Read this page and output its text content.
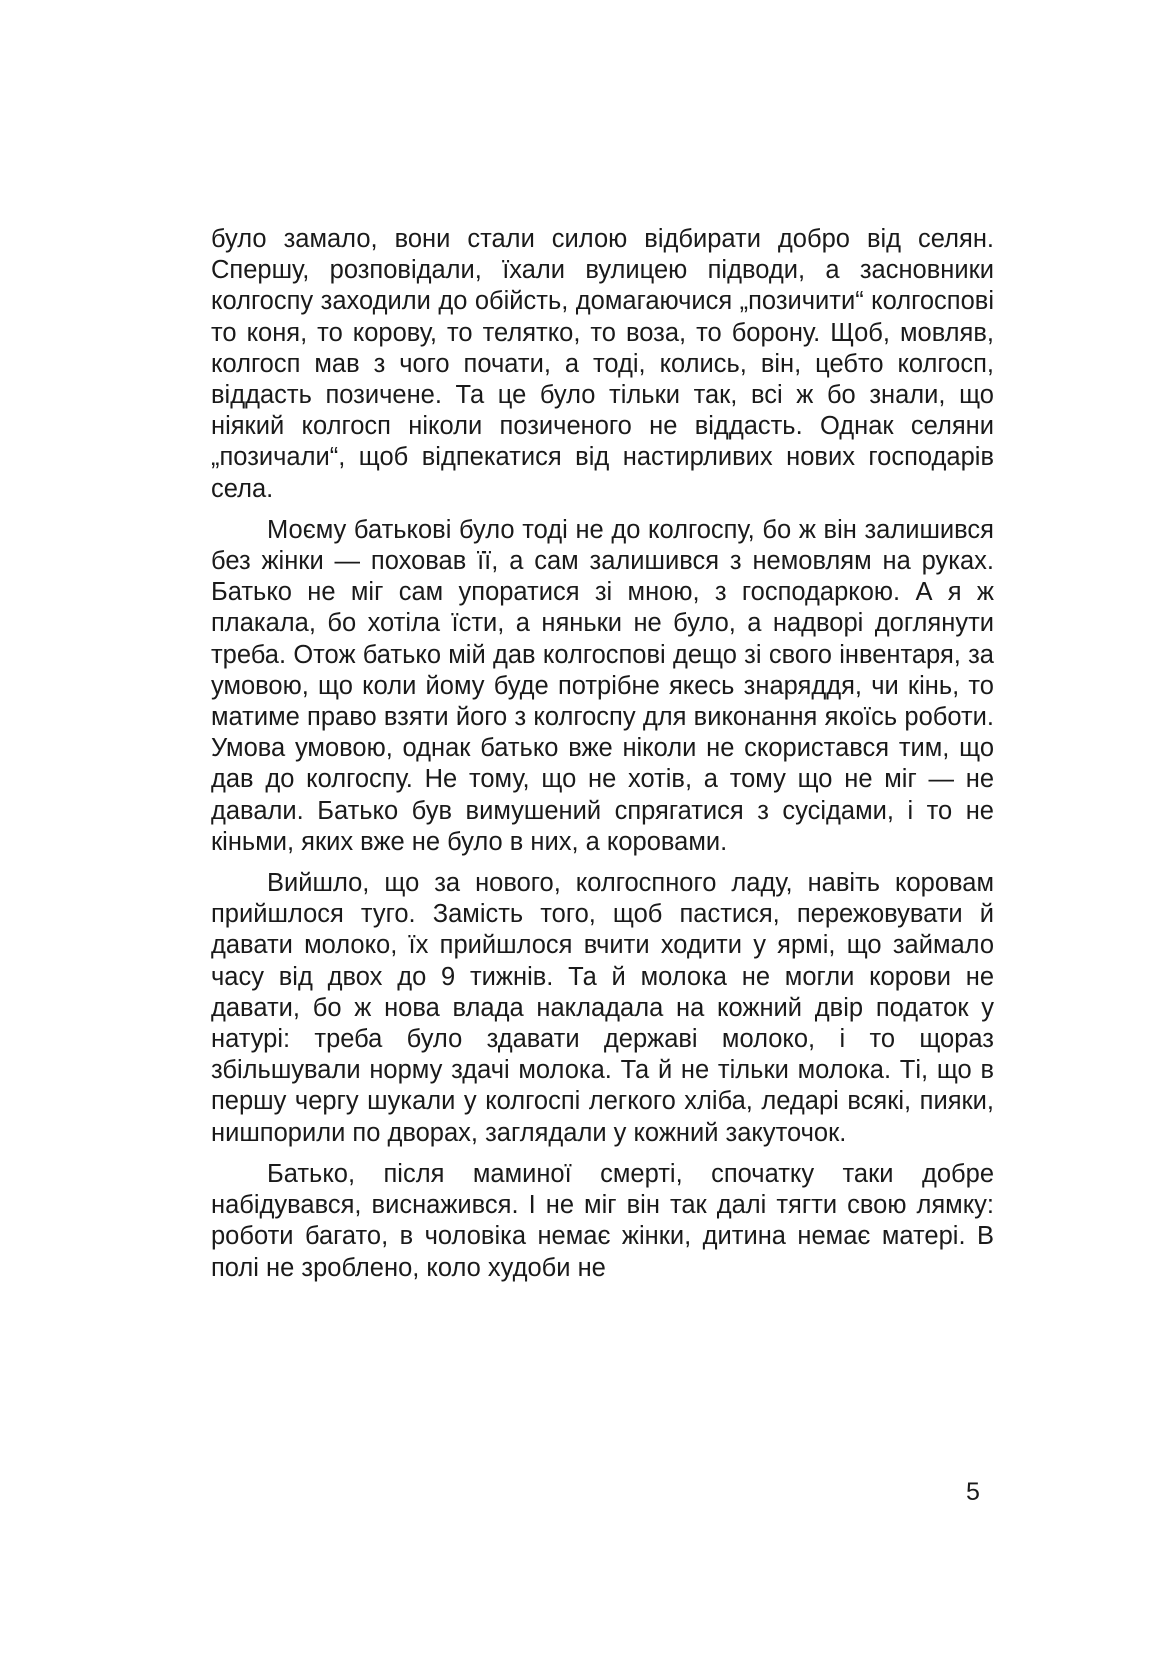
було замало, вони стали силою відбирати добро від селян. Спершу, розповідали, їхали вулицею підводи, а засновники колгоспу заходили до обійсть, домагаючися „позичити“ колгоспові то коня, то корову, то телятко, то воза, то борону. Щоб, мовляв, колгосп мав з чого почати, а тоді, колись, він, цебто колгосп, віддасть позичене. Та це було тільки так, всі ж бо знали, що ніякий колгосп ніколи позиченого не віддасть. Однак селяни „позичали“, щоб відпекатися від настирливих нових господарів села.

Моєму батькові було тоді не до колгоспу, бо ж він залишився без жінки — поховав її, а сам залишився з немовлям на руках. Батько не міг сам упоратися зі мною, з господаркою. А я ж плакала, бо хотіла їсти, а няньки не було, а надворі доглянути треба. Отож батько мій дав колгоспові дещо зі свого інвентаря, за умовою, що коли йому буде потрібне якесь знаряддя, чи кінь, то матиме право взяти його з колгоспу для виконання якоїсь роботи. Умова умовою, однак батько вже ніколи не скористався тим, що дав до колгоспу. Не тому, що не хотів, а тому що не міг — не давали. Батько був вимушений спрягатися з сусідами, і то не кіньми, яких вже не було в них, а коровами.

Вийшло, що за нового, колгоспного ладу, навіть коровам прийшлося туго. Замість того, щоб пастися, пережовувати й давати молоко, їх прийшлося вчити ходити у ярмі, що займало часу від двох до 9 тижнів. Та й молока не могли корови не давати, бо ж нова влада накладала на кожний двір податок у натурі: треба було здавати державі молоко, і то щораз збільшували норму здачі молока. Та й не тільки молока. Ті, що в першу чергу шукали у колгоспі легкого хліба, ледарі всякі, пияки, нишпорили по дворах, заглядали у кожний закуточок.

Батько, після маминої смерті, спочатку таки добре набідувався, виснажився. І не міг він так далі тягти свою лямку: роботи багато, в чоловіка немає жінки, дитина немає матері. В полі не зроблено, коло худоби не

5
